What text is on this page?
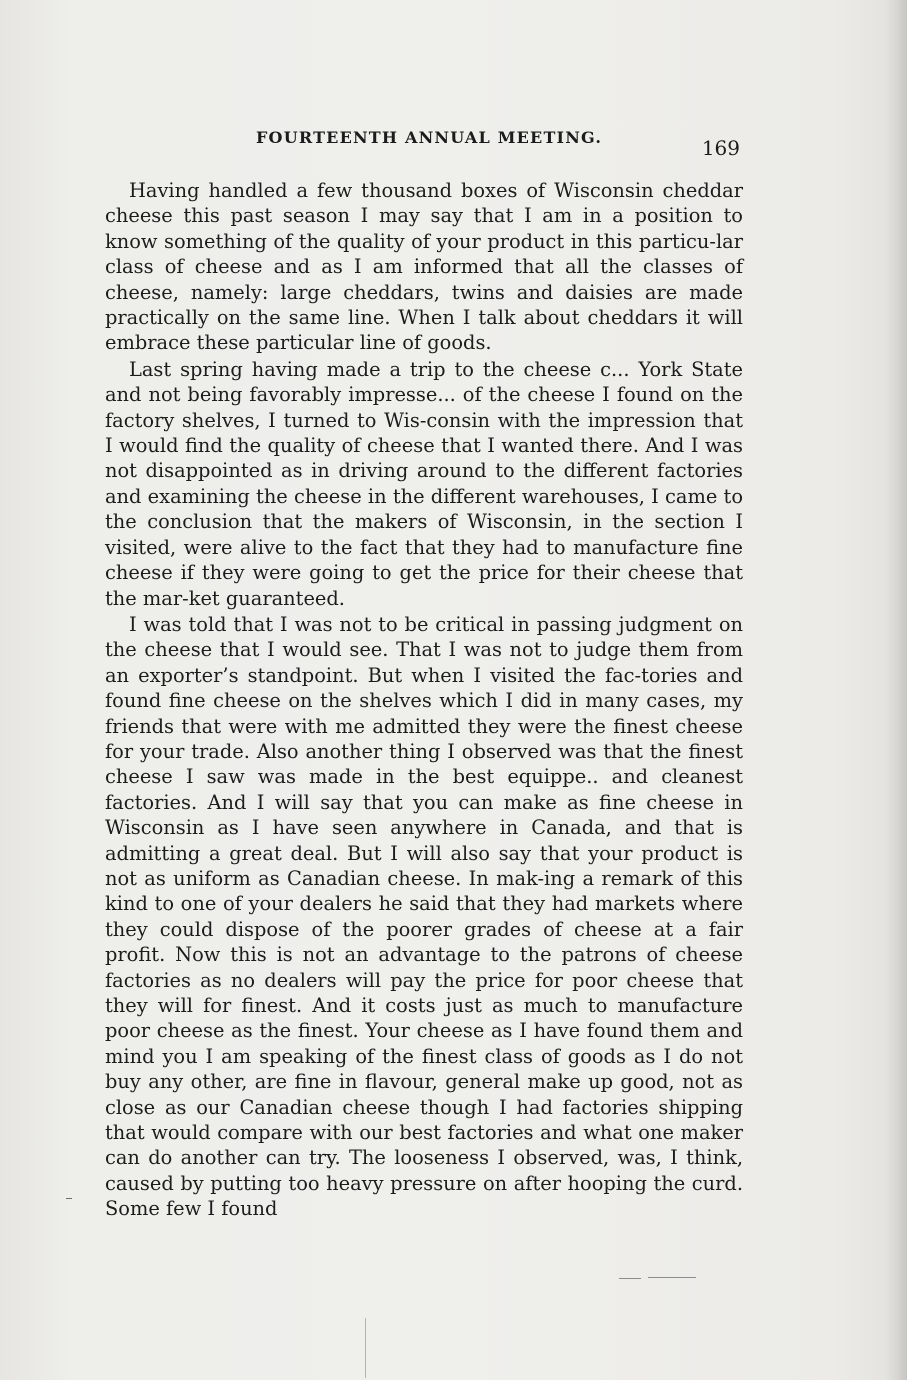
FOURTEENTH ANNUAL MEETING.	169

Having handled a few thousand boxes of Wisconsin cheddar cheese this past season I may say that I am in a position to know something of the quality of your product in this particu-lar class of cheese and as I am informed that all the classes of cheese, namely: large cheddars, twins and daisies are made practically on the same line. When I talk about cheddars it will embrace these particular line of goods.

Last spring having made a trip to the cheese c... York State and not being favorably impresse... of the cheese I found on the factory shelves, I turned to Wis-consin with the impression that I would find the quality of cheese that I wanted there. And I was not disappointed as in driving around to the different factories and examining the cheese in the different warehouses, I came to the conclusion that the makers of Wisconsin, in the section I visited, were alive to the fact that they had to manufacture fine cheese if they were going to get the price for their cheese that the mar-ket guaranteed.

I was told that I was not to be critical in passing judgment on the cheese that I would see. That I was not to judge them from an exporter’s standpoint. But when I visited the fac-tories and found fine cheese on the shelves which I did in many cases, my friends that were with me admitted they were the finest cheese for your trade. Also another thing I observed was that the finest cheese I saw was made in the best equippe.. and cleanest factories. And I will say that you can make as fine cheese in Wisconsin as I have seen anywhere in Canada, and that is admitting a great deal. But I will also say that your product is not as uniform as Canadian cheese. In mak-ing a remark of this kind to one of your dealers he said that they had markets where they could dispose of the poorer grades of cheese at a fair profit. Now this is not an advantage to the patrons of cheese factories as no dealers will pay the price for poor cheese that they will for finest. And it costs just as much to manufacture poor cheese as the finest. Your cheese as I have found them and mind you I am speaking of the finest class of goods as I do not buy any other, are fine in flavour, general make up good, not as close as our Canadian cheese though I had factories shipping that would compare with our best factories and what one maker can do another can try. The looseness I observed, was, I think, caused by putting too heavy pressure on after hooping the curd. Some few I found
